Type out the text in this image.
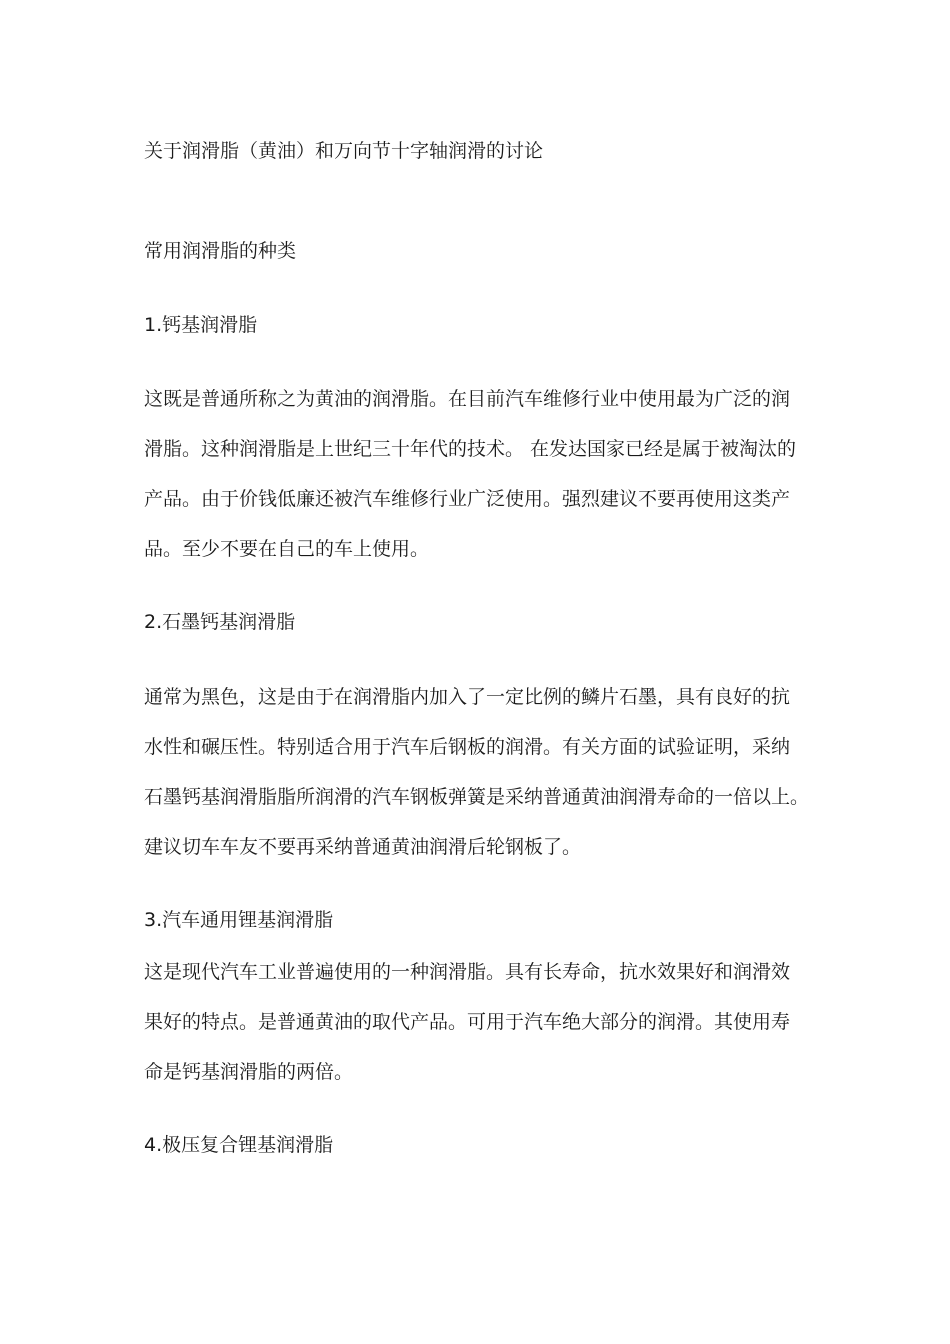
关于润滑脂（黄油）和万向节十字轴润滑的讨论
常用润滑脂的种类
1.钙基润滑脂
这既是普通所称之为黄油的润滑脂。在目前汽车维修行业中使用最为广泛的润
滑脂。这种润滑脂是上世纪三十年代的技术。 在发达国家已经是属于被淘汰的
产品。由于价钱低廉还被汽车维修行业广泛使用。强烈建议不要再使用这类产
品。至少不要在自己的车上使用。
2.石墨钙基润滑脂
通常为黑色，这是由于在润滑脂内加入了一定比例的鳞片石墨，具有良好的抗
水性和碾压性。特别适合用于汽车后钢板的润滑。有关方面的试验证明，采纳
石墨钙基润滑脂脂所润滑的汽车钢板弹簧是采纳普通黄油润滑寿命的一倍以上。
建议切车车友不要再采纳普通黄油润滑后轮钢板了。
3.汽车通用锂基润滑脂
这是现代汽车工业普遍使用的一种润滑脂。具有长寿命，抗水效果好和润滑效
果好的特点。是普通黄油的取代产品。可用于汽车绝大部分的润滑。其使用寿
命是钙基润滑脂的两倍。
4.极压复合锂基润滑脂
